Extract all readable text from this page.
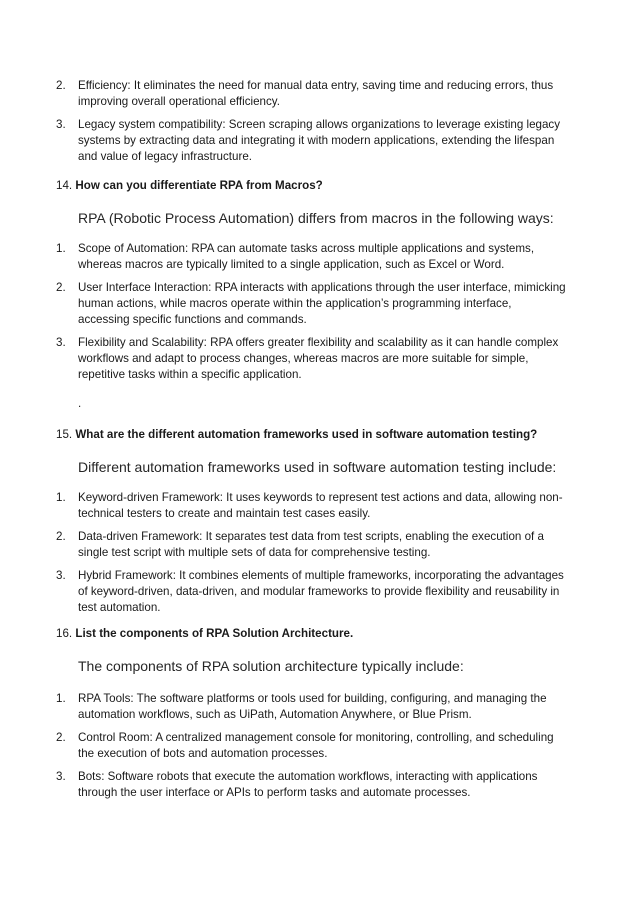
2. Efficiency: It eliminates the need for manual data entry, saving time and reducing errors, thus improving overall operational efficiency.
3. Legacy system compatibility: Screen scraping allows organizations to leverage existing legacy systems by extracting data and integrating it with modern applications, extending the lifespan and value of legacy infrastructure.
14. How can you differentiate RPA from Macros?
RPA (Robotic Process Automation) differs from macros in the following ways:
1. Scope of Automation: RPA can automate tasks across multiple applications and systems, whereas macros are typically limited to a single application, such as Excel or Word.
2. User Interface Interaction: RPA interacts with applications through the user interface, mimicking human actions, while macros operate within the application’s programming interface, accessing specific functions and commands.
3. Flexibility and Scalability: RPA offers greater flexibility and scalability as it can handle complex workflows and adapt to process changes, whereas macros are more suitable for simple, repetitive tasks within a specific application.
.
15. What are the different automation frameworks used in software automation testing?
Different automation frameworks used in software automation testing include:
1. Keyword-driven Framework: It uses keywords to represent test actions and data, allowing non-technical testers to create and maintain test cases easily.
2. Data-driven Framework: It separates test data from test scripts, enabling the execution of a single test script with multiple sets of data for comprehensive testing.
3. Hybrid Framework: It combines elements of multiple frameworks, incorporating the advantages of keyword-driven, data-driven, and modular frameworks to provide flexibility and reusability in test automation.
16. List the components of RPA Solution Architecture.
The components of RPA solution architecture typically include:
1. RPA Tools: The software platforms or tools used for building, configuring, and managing the automation workflows, such as UiPath, Automation Anywhere, or Blue Prism.
2. Control Room: A centralized management console for monitoring, controlling, and scheduling the execution of bots and automation processes.
3. Bots: Software robots that execute the automation workflows, interacting with applications through the user interface or APIs to perform tasks and automate processes.
